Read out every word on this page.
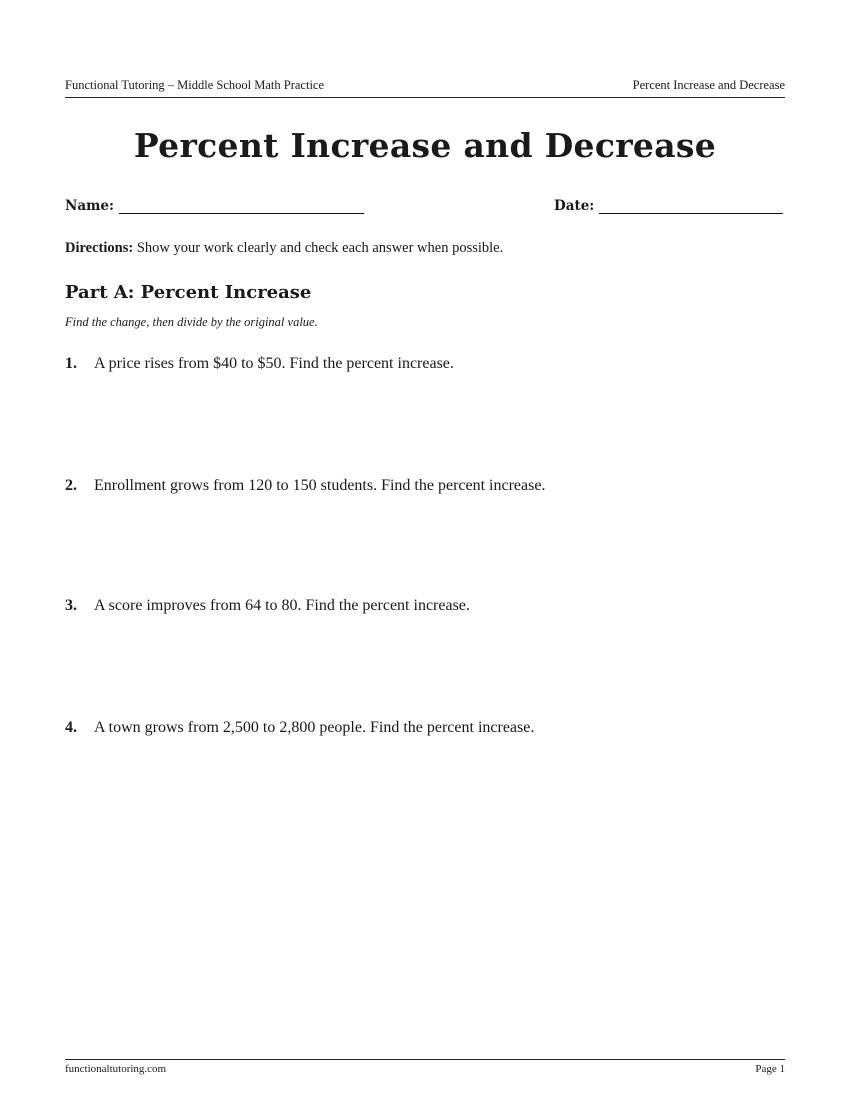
Functional Tutoring – Middle School Math Practice	Percent Increase and Decrease
Percent Increase and Decrease
Name:	Date:
Directions: Show your work clearly and check each answer when possible.
Part A: Percent Increase
Find the change, then divide by the original value.
1. A price rises from $40 to $50. Find the percent increase.
2. Enrollment grows from 120 to 150 students. Find the percent increase.
3. A score improves from 64 to 80. Find the percent increase.
4. A town grows from 2,500 to 2,800 people. Find the percent increase.
functionaltutoring.com	Page 1
